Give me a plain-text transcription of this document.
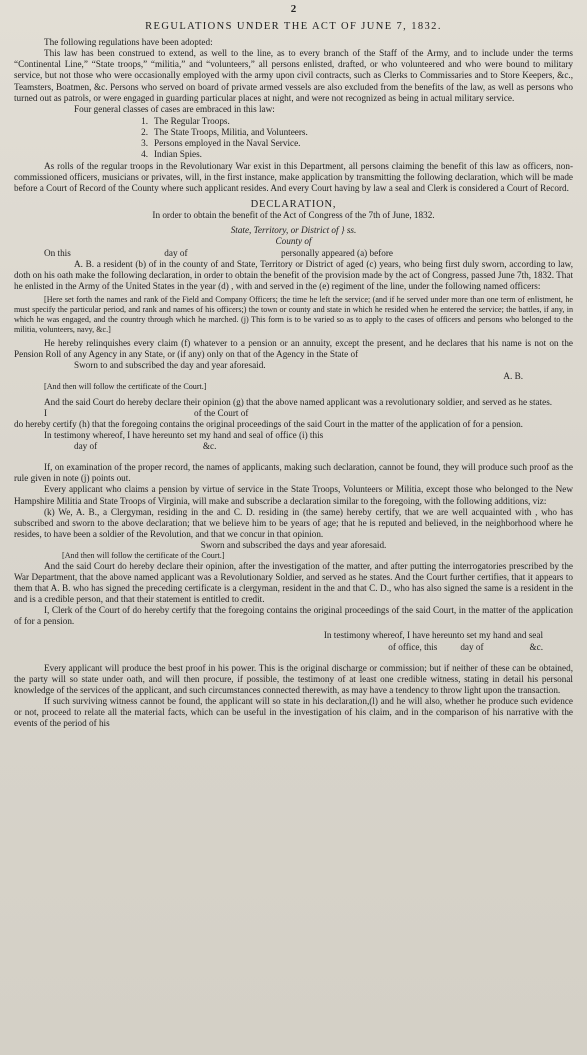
2
REGULATIONS UNDER THE ACT OF JUNE 7, 1832.

The following regulations have been adopted:

This law has been construed to extend, as well to the line, as to every branch of the Staff of the Army, and to include under the terms “Continental Line,” “State troops,” “militia,” and “volunteers,” all persons enlisted, drafted, or who volunteered and who were bound to military service, but not those who were occasionally employed with the army upon civil contracts, such as Clerks to Commissaries and to Store Keepers, &c., Teamsters, Boatmen, &c. Persons who served on board of private armed vessels are also excluded from the benefits of the law, as well as persons who turned out as patrols, or were engaged in guarding particular places at night, and were not recognized as being in actual military service.

Four general classes of cases are embraced in this law:

1. The Regular Troops.
2. The State Troops, Militia, and Volunteers.
3. Persons employed in the Naval Service.
4. Indian Spies.

As rolls of the regular troops in the Revolutionary War exist in this Department, all persons claiming the benefit of this law as officers, non-commissioned officers, musicians or privates, will, in the first instance, make application by transmitting the following declaration, which will be made before a Court of Record of the County where such applicant resides. And every Court having by law a seal and Clerk is considered a Court of Record.

DECLARATION,
In order to obtain the benefit of the Act of Congress of the 7th of June, 1832.
State, Territory, or District of } ss.
County of
On this	day of	personally appeared (a) before

A. B. a resident (b) of in the county of and State, Territory or District of aged (c) years, who being first duly sworn, according to law, doth on his oath make the following declaration, in order to obtain the benefit of the provision made by the act of Congress, passed June 7th, 1832. That he enlisted in the Army of the United States in the year (d) , with and served in the (e) regiment of the line, under the following named officers:

[Here set forth the names and rank of the Field and Company Officers; the time he left the service; (and if he served under more than one term of enlistment, he must specify the particular period, and rank and names of his officers;) the town or county and state in which he resided when he entered the service; the battles, if any, in which he was engaged, and the country through which he marched. (j) This form is to be varied so as to apply to the cases of officers and persons who belonged to the militia, volunteers, navy, &c.]

He hereby relinquishes every claim (f) whatever to a pension or an annuity, except the present, and he declares that his name is not on the Pension Roll of any Agency in any State, or (if any) only on that of the Agency in the State of

Sworn to and subscribed the day and year aforesaid.

A. B.

[And then will follow the certificate of the Court.]

And the said Court do hereby declare their opinion (g) that the above named applicant was a revolutionary soldier, and served as he states.

I                                                                of the Court of

do hereby certify (h) that the foregoing contains the original proceedings of the said Court in the matter of the application of for a pension.

In testimony whereof, I have hereunto set my hand and seal of office (i) this

day of                                              &c.

If, on examination of the proper record, the names of applicants, making such declaration, cannot be found, they will produce such proof as the rule given in note (j) points out.

Every applicant who claims a pension by virtue of service in the State Troops, Volunteers or Militia, except those who belonged to the New Hampshire Militia and State Troops of Virginia, will make and subscribe a declaration similar to the foregoing, with the following additions, viz:

(k) We, A. B., a Clergyman, residing in the and C. D. residing in (the same) hereby certify, that we are well acquainted with , who has subscribed and sworn to the above declaration; that we believe him to be years of age; that he is reputed and believed, in the neighborhood where he resides, to have been a soldier of the Revolution, and that we concur in that opinion.

Sworn and subscribed the days and year aforesaid.

[And then will follow the certificate of the Court.]

And the said Court do hereby declare their opinion, after the investigation of the matter, and after putting the interrogatories prescribed by the War Department, that the above named applicant was a Revolutionary Soldier, and served as he states. And the Court further certifies, that it appears to them that A. B. who has signed the preceding certificate is a clergyman, resident in the and that C. D., who has also signed the same is a resident in the and is a credible person, and that their statement is entitled to credit.

I, Clerk of the Court of do hereby certify that the foregoing contains the original proceedings of the said Court, in the matter of the application of for a pension.

In testimony whereof, I have hereunto set my hand and seal
of office, this          day of                    &c.

Every applicant will produce the best proof in his power. This is the original discharge or commission; but if neither of these can be obtained, the party will so state under oath, and will then procure, if possible, the testimony of at least one credible witness, stating in detail his personal knowledge of the services of the applicant, and such circumstances connected therewith, as may have a tendency to throw light upon the transaction.

If such surviving witness cannot be found, the applicant will so state in his declaration,(l) and he will also, whether he produce such evidence or not, proceed to relate all the material facts, which can be useful in the investigation of his claim, and in the comparison of his narrative with the events of the period of his
